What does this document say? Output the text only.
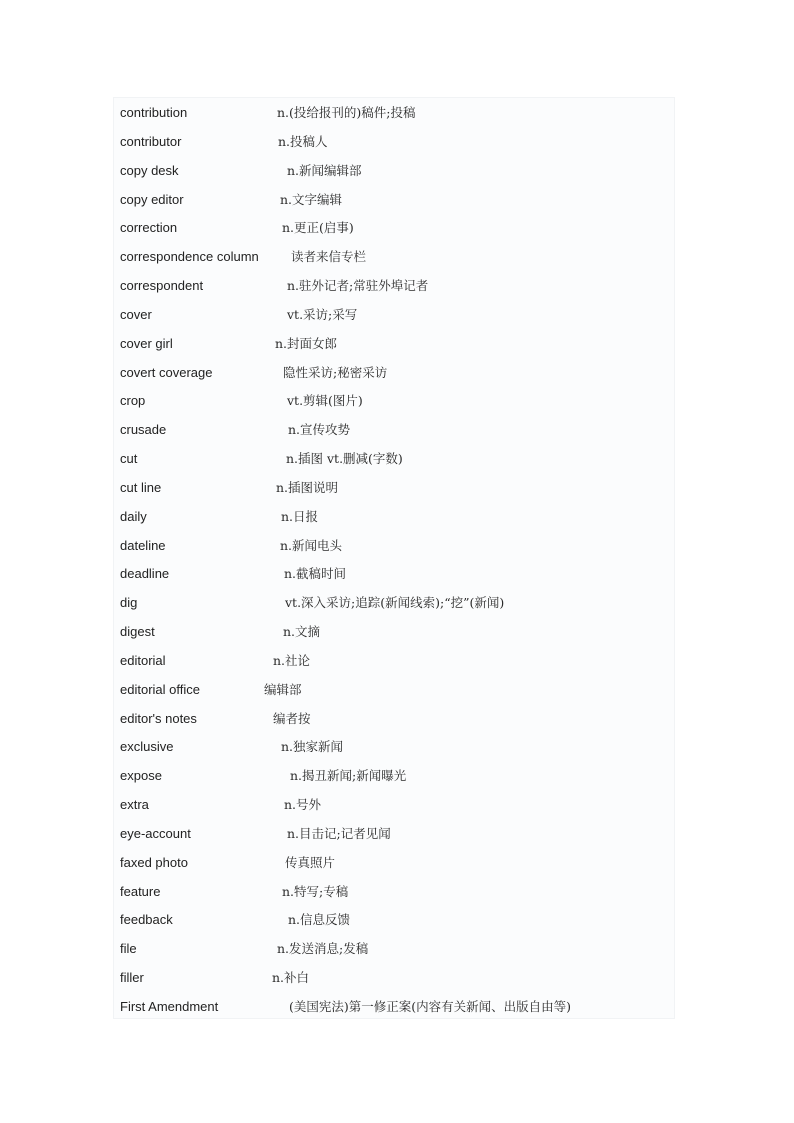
contribution	n.(投给报刊的)稿件;投稿
contributor	n.投稿人
copy desk	n.新闻编辑部
copy editor	n.文字编辑
correction	n.更正(启事)
correspondence column	读者来信专栏
correspondent	n.驻外记者;常驻外埠记者
cover	vt.采访;采写
cover girl	n.封面女郎
covert coverage	隐性采访;秘密采访
crop	vt.剪辑(图片)
crusade	n.宣传攻势
cut	n.插图 vt.删减(字数)
cut line	n.插图说明
daily	n.日报
dateline	n.新闻电头
deadline	n.截稿时间
dig	vt.深入采访;追踪(新闻线索);“挖”(新闻)
digest	n.文摘
editorial	n.社论
editorial office	编辑部
editor's notes	编者按
exclusive	n.独家新闻
expose	n.揭丑新闻;新闻曝光
extra	n.号外
eye-account	n.目击记;记者见闻
faxed photo	传真照片
feature	n.特写;专稿
feedback	n.信息反馈
file	n.发送消息;发稿
filler	n.补白
First Amendment	(美国宪法)第一修正案(内容有关新闻、出版自由等)
